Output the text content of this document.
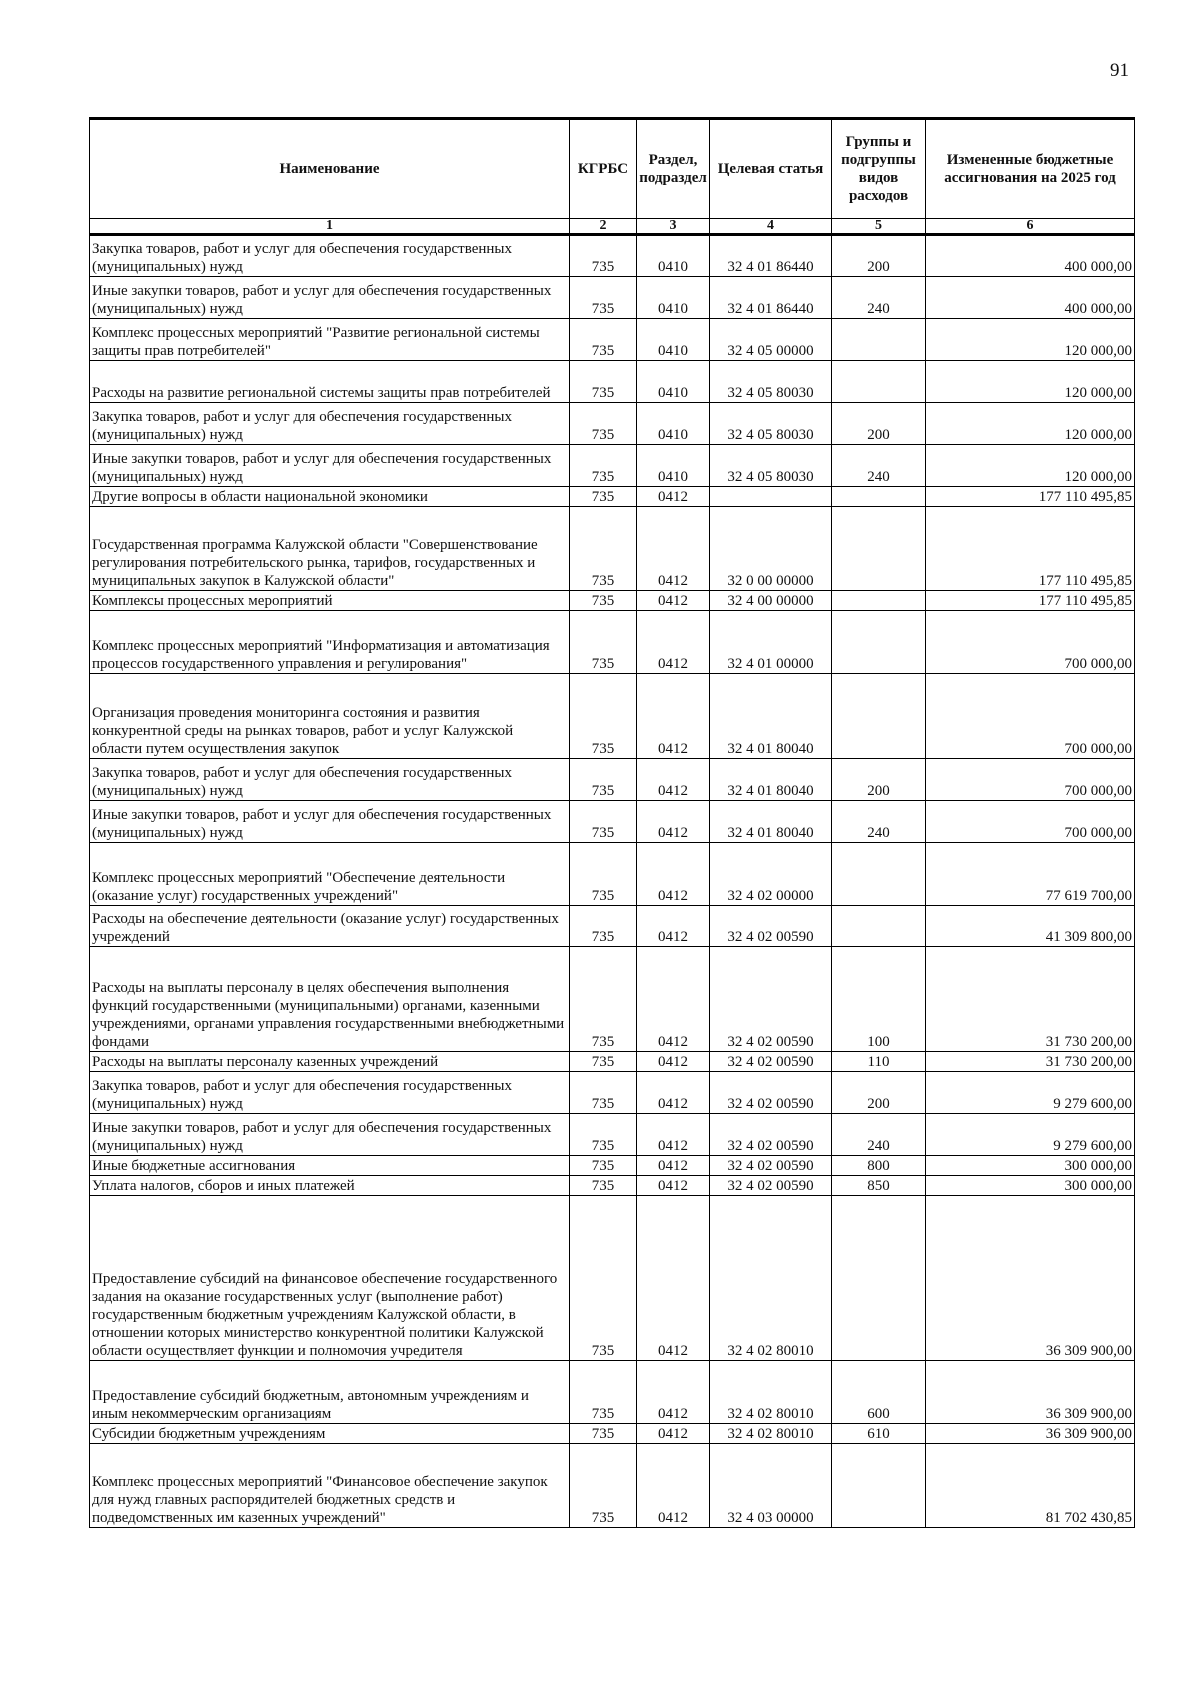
91
Наименование	КГРБС	Раздел, подраздел	Целевая статья	Группы и подгруппы видов расходов	Измененные бюджетные ассигнования на 2025 год
1	2	3	4	5	6
Закупка товаров, работ и услуг для обеспечения государственных (муниципальных) нужд	735	0410	32 4 01 86440	200	400 000,00
Иные закупки товаров, работ и услуг для обеспечения государственных (муниципальных) нужд	735	0410	32 4 01 86440	240	400 000,00
Комплекс процессных мероприятий "Развитие региональной системы защиты прав потребителей"	735	0410	32 4 05 00000		120 000,00
Расходы на развитие региональной системы защиты прав потребителей	735	0410	32 4 05 80030		120 000,00
Закупка товаров, работ и услуг для обеспечения государственных (муниципальных) нужд	735	0410	32 4 05 80030	200	120 000,00
Иные закупки товаров, работ и услуг для обеспечения государственных (муниципальных) нужд	735	0410	32 4 05 80030	240	120 000,00
Другие вопросы в области национальной экономики	735	0412			177 110 495,85
Государственная программа Калужской области "Совершенствование регулирования потребительского рынка, тарифов, государственных и муниципальных закупок в Калужской области"	735	0412	32 0 00 00000		177 110 495,85
Комплексы процессных мероприятий	735	0412	32 4 00 00000		177 110 495,85
Комплекс процессных мероприятий "Информатизация и автоматизация процессов государственного управления и регулирования"	735	0412	32 4 01 00000		700 000,00
Организация проведения мониторинга состояния и развития конкурентной среды на рынках товаров, работ и услуг Калужской области путем осуществления закупок	735	0412	32 4 01 80040		700 000,00
Закупка товаров, работ и услуг для обеспечения государственных (муниципальных) нужд	735	0412	32 4 01 80040	200	700 000,00
Иные закупки товаров, работ и услуг для обеспечения государственных (муниципальных) нужд	735	0412	32 4 01 80040	240	700 000,00
Комплекс процессных мероприятий "Обеспечение деятельности (оказание услуг) государственных учреждений"	735	0412	32 4 02 00000		77 619 700,00
Расходы на обеспечение деятельности (оказание услуг) государственных учреждений	735	0412	32 4 02 00590		41 309 800,00
Расходы на выплаты персоналу в целях обеспечения выполнения функций государственными (муниципальными) органами, казенными учреждениями, органами управления государственными внебюджетными фондами	735	0412	32 4 02 00590	100	31 730 200,00
Расходы на выплаты персоналу казенных учреждений	735	0412	32 4 02 00590	110	31 730 200,00
Закупка товаров, работ и услуг для обеспечения государственных (муниципальных) нужд	735	0412	32 4 02 00590	200	9 279 600,00
Иные закупки товаров, работ и услуг для обеспечения государственных (муниципальных) нужд	735	0412	32 4 02 00590	240	9 279 600,00
Иные бюджетные ассигнования	735	0412	32 4 02 00590	800	300 000,00
Уплата налогов, сборов и иных платежей	735	0412	32 4 02 00590	850	300 000,00
Предоставление субсидий на финансовое обеспечение государственного задания на оказание государственных услуг (выполнение работ) государственным бюджетным учреждениям Калужской области, в отношении которых министерство конкурентной политики Калужской области осуществляет функции и полномочия учредителя	735	0412	32 4 02 80010		36 309 900,00
Предоставление субсидий бюджетным, автономным учреждениям и иным некоммерческим организациям	735	0412	32 4 02 80010	600	36 309 900,00
Субсидии бюджетным учреждениям	735	0412	32 4 02 80010	610	36 309 900,00
Комплекс процессных мероприятий "Финансовое обеспечение закупок для нужд главных распорядителей бюджетных средств и подведомственных им казенных учреждений"	735	0412	32 4 03 00000		81 702 430,85
